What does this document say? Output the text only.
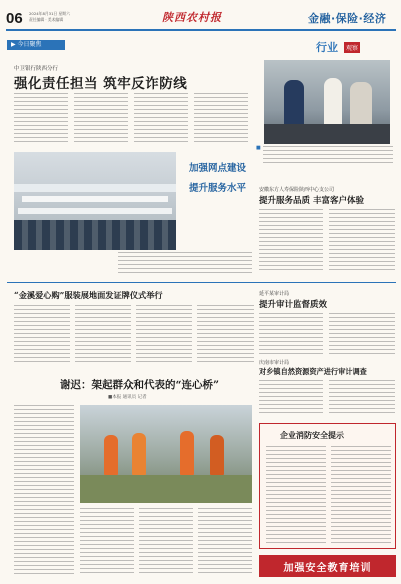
06 2024年8月31日 星期六
责任编辑 · 美术编辑	陕西农村报	金融·保险·经济
▶ 今日聚焦
中卫银行陕西分行
强化责任担当 筑牢反诈防线
行业	观察
■
加强网点建设
提升服务水平	安徽东方人寿保险陕西中心支公司
提升服务品质 丰富客户体验
“金溪爱心购”服装展地面发证牌仪式举行	延平某审计局
提升审计监督质效
庆南市审计局
对乡镇自然资源资产进行审计调查
谢迟：架起群众和代表的“连心桥”
■本报 通讯员 记者
企业消防安全提示
加强安全教育培训
